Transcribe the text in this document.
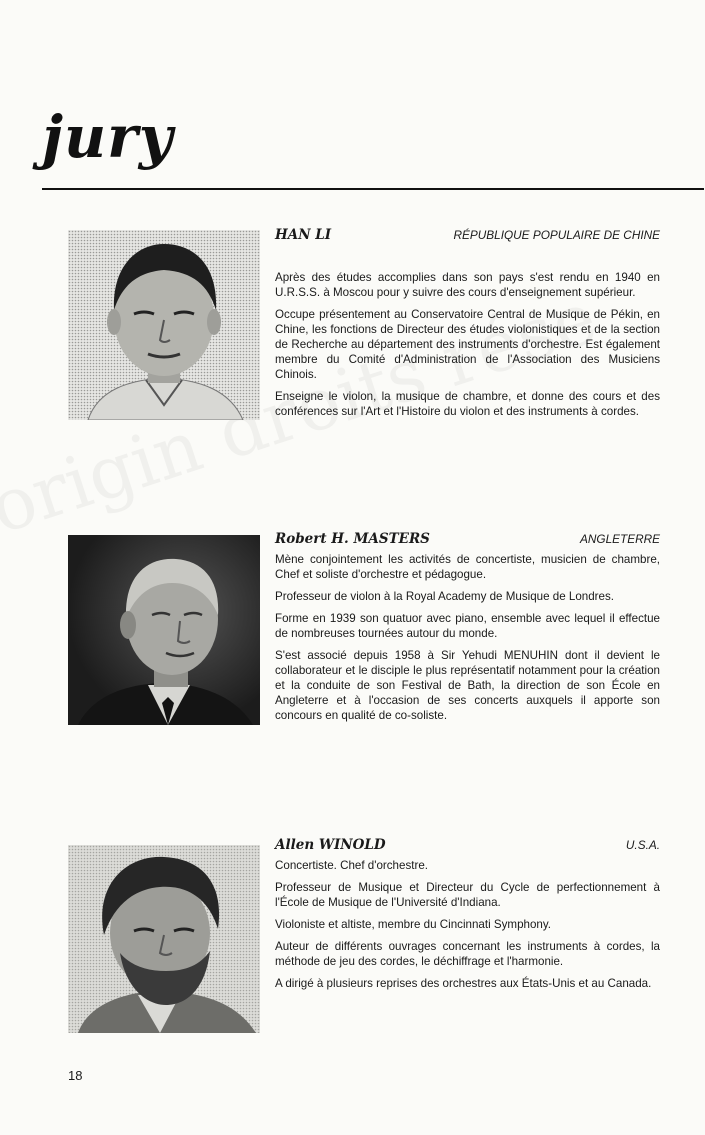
jury
HAN LI	RÉPUBLIQUE POPULAIRE DE CHINE

Après des études accomplies dans son pays s'est rendu en 1940 en U.R.S.S. à Moscou pour y suivre des cours d'enseignement supérieur.

Occupe présentement au Conservatoire Central de Musique de Pékin, en Chine, les fonctions de Directeur des études violonistiques et de la section de Recherche au département des instruments d'orchestre. Est également membre du Comité d'Administration de l'Association des Musiciens Chinois.

Enseigne le violon, la musique de chambre, et donne des cours et des conférences sur l'Art et l'Histoire du violon et des instruments à cordes.

Robert H. MASTERS	ANGLETERRE

Mène conjointement les activités de concertiste, musicien de chambre, Chef et soliste d'orchestre et pédagogue.

Professeur de violon à la Royal Academy de Musique de Londres.

Forme en 1939 son quatuor avec piano, ensemble avec lequel il effectue de nombreuses tournées autour du monde.

S'est associé depuis 1958 à Sir Yehudi MENUHIN dont il devient le collaborateur et le disciple le plus représentatif notamment pour la création et la conduite de son Festival de Bath, la direction de son École en Angleterre et à l'occasion de ses concerts auxquels il apporte son concours en qualité de co-soliste.

Allen WINOLD	U.S.A.

Concertiste. Chef d'orchestre.

Professeur de Musique et Directeur du Cycle de perfectionnement à l'École de Musique de l'Université d'Indiana.

Violoniste et altiste, membre du Cincinnati Symphony.

Auteur de différents ouvrages concernant les instruments à cordes, la méthode de jeu des cordes, le déchiffrage et l'harmonie.

A dirigé à plusieurs reprises des orchestres aux États-Unis et au Canada.

18
